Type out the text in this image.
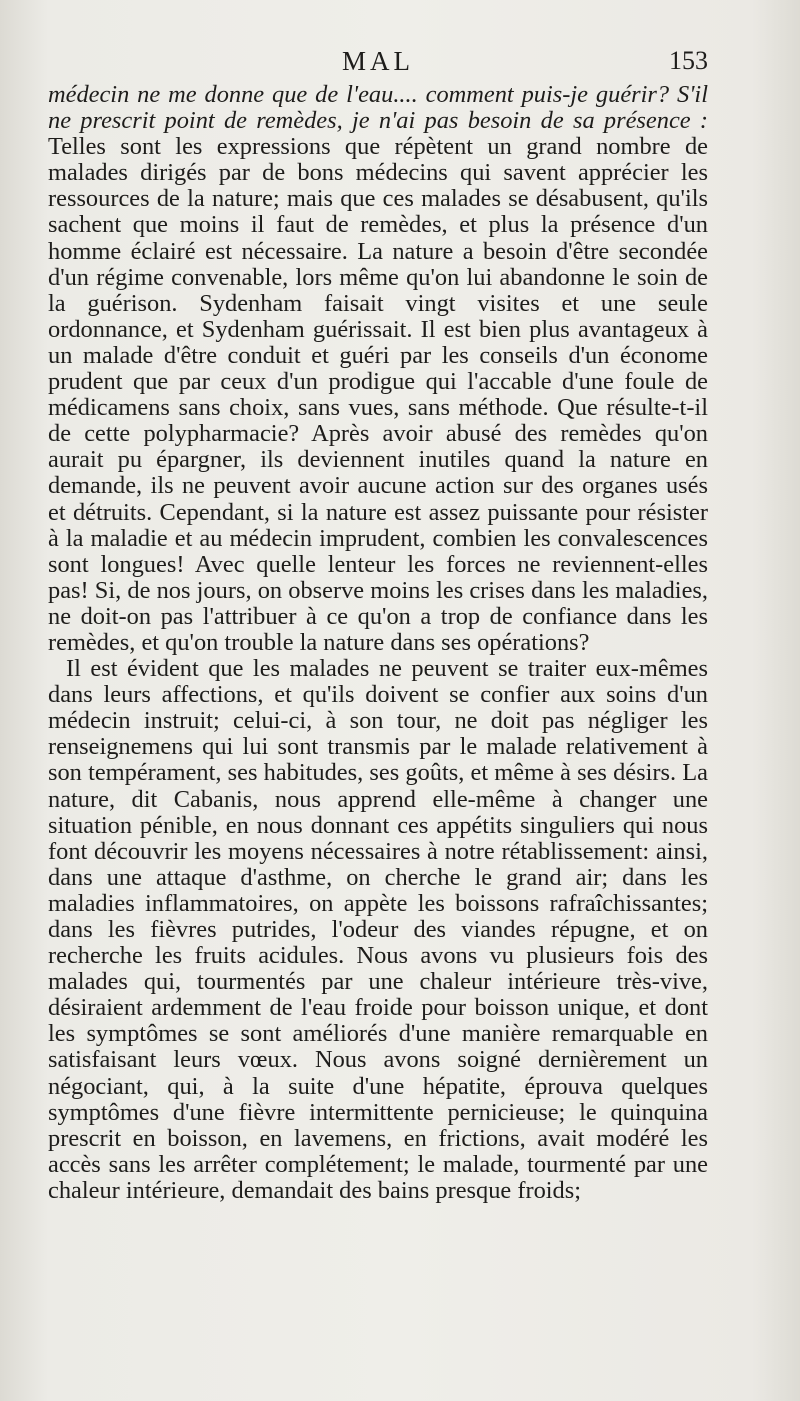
MAL	153

médecin ne me donne que de l'eau.... comment puis-je guérir? S'il ne prescrit point de remèdes, je n'ai pas besoin de sa présence : Telles sont les expressions que répètent un grand nombre de malades dirigés par de bons médecins qui savent apprécier les ressources de la nature; mais que ces malades se désabusent, qu'ils sachent que moins il faut de remèdes, et plus la présence d'un homme éclairé est nécessaire. La nature a besoin d'être secondée d'un régime convenable, lors même qu'on lui abandonne le soin de la guérison. Sydenham faisait vingt visites et une seule ordonnance, et Sydenham guérissait. Il est bien plus avantageux à un malade d'être conduit et guéri par les conseils d'un économe prudent que par ceux d'un prodigue qui l'accable d'une foule de médicamens sans choix, sans vues, sans méthode. Que résulte-t-il de cette polypharmacie? Après avoir abusé des remèdes qu'on aurait pu épargner, ils deviennent inutiles quand la nature en demande, ils ne peuvent avoir aucune action sur des organes usés et détruits. Cependant, si la nature est assez puissante pour résister à la maladie et au médecin imprudent, combien les convalescences sont longues! Avec quelle lenteur les forces ne reviennent-elles pas! Si, de nos jours, on observe moins les crises dans les maladies, ne doit-on pas l'attribuer à ce qu'on a trop de confiance dans les remèdes, et qu'on trouble la nature dans ses opérations?

Il est évident que les malades ne peuvent se traiter eux-mêmes dans leurs affections, et qu'ils doivent se confier aux soins d'un médecin instruit; celui-ci, à son tour, ne doit pas négliger les renseignemens qui lui sont transmis par le malade relativement à son tempérament, ses habitudes, ses goûts, et même à ses désirs. La nature, dit Cabanis, nous apprend elle-même à changer une situation pénible, en nous donnant ces appétits singuliers qui nous font découvrir les moyens nécessaires à notre rétablissement: ainsi, dans une attaque d'asthme, on cherche le grand air; dans les maladies inflammatoires, on appète les boissons rafraîchissantes; dans les fièvres putrides, l'odeur des viandes répugne, et on recherche les fruits acidules. Nous avons vu plusieurs fois des malades qui, tourmentés par une chaleur intérieure très-vive, désiraient ardemment de l'eau froide pour boisson unique, et dont les symptômes se sont améliorés d'une manière remarquable en satisfaisant leurs vœux. Nous avons soigné dernièrement un négociant, qui, à la suite d'une hépatite, éprouva quelques symptômes d'une fièvre intermittente pernicieuse; le quinquina prescrit en boisson, en lavemens, en frictions, avait modéré les accès sans les arrêter complétement; le malade, tourmenté par une chaleur intérieure, demandait des bains presque froids;
